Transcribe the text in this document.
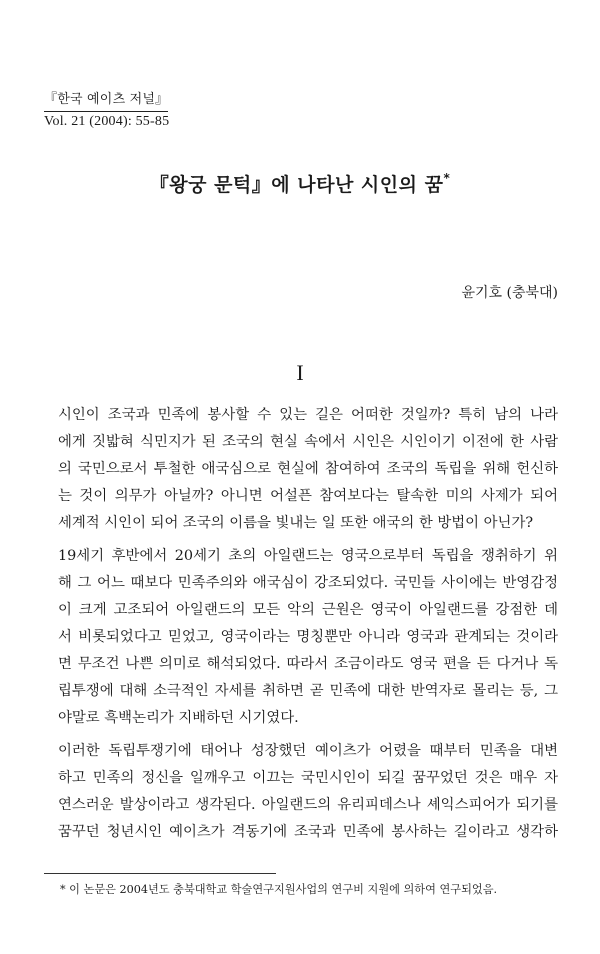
『한국 예이츠 저널』
Vol. 21 (2004): 55-85
『왕궁 문턱』에 나타난 시인의 꿈*
윤기호 (충북대)
I

시인이 조국과 민족에 봉사할 수 있는 길은 어떠한 것일까? 특히 남의 나라
에게 짓밟혀 식민지가 된 조국의 현실 속에서 시인은 시인이기 이전에 한 사람
의 국민으로서 투철한 애국심으로 현실에 참여하여 조국의 독립을 위해 헌신하
는 것이 의무가 아닐까? 아니면 어설픈 참여보다는 탈속한 미의 사제가 되어
세계적 시인이 되어 조국의 이름을 빛내는 일 또한 애국의 한 방법이 아닌가?

19세기 후반에서 20세기 초의 아일랜드는 영국으로부터 독립을 쟁취하기 위
해 그 어느 때보다 민족주의와 애국심이 강조되었다. 국민들 사이에는 반영감정
이 크게 고조되어 아일랜드의 모든 악의 근원은 영국이 아일랜드를 강점한 데
서 비롯되었다고 믿었고, 영국이라는 명칭뿐만 아니라 영국과 관계되는 것이라
면 무조건 나쁜 의미로 해석되었다. 따라서 조금이라도 영국 편을 든 다거나 독
립투쟁에 대해 소극적인 자세를 취하면 곧 민족에 대한 반역자로 몰리는 등, 그
야말로 흑백논리가 지배하던 시기였다.

이러한 독립투쟁기에 태어나 성장했던 예이츠가 어렸을 때부터 민족을 대변
하고 민족의 정신을 일깨우고 이끄는 국민시인이 되길 꿈꾸었던 것은 매우 자
연스러운 발상이라고 생각된다. 아일랜드의 유리피데스나 셰익스피어가 되기를
꿈꾸던 청년시인 예이츠가 격동기에 조국과 민족에 봉사하는 길이라고 생각하

* 이 논문은 2004년도 충북대학교 학술연구지원사업의 연구비 지원에 의하여 연구되었음.
